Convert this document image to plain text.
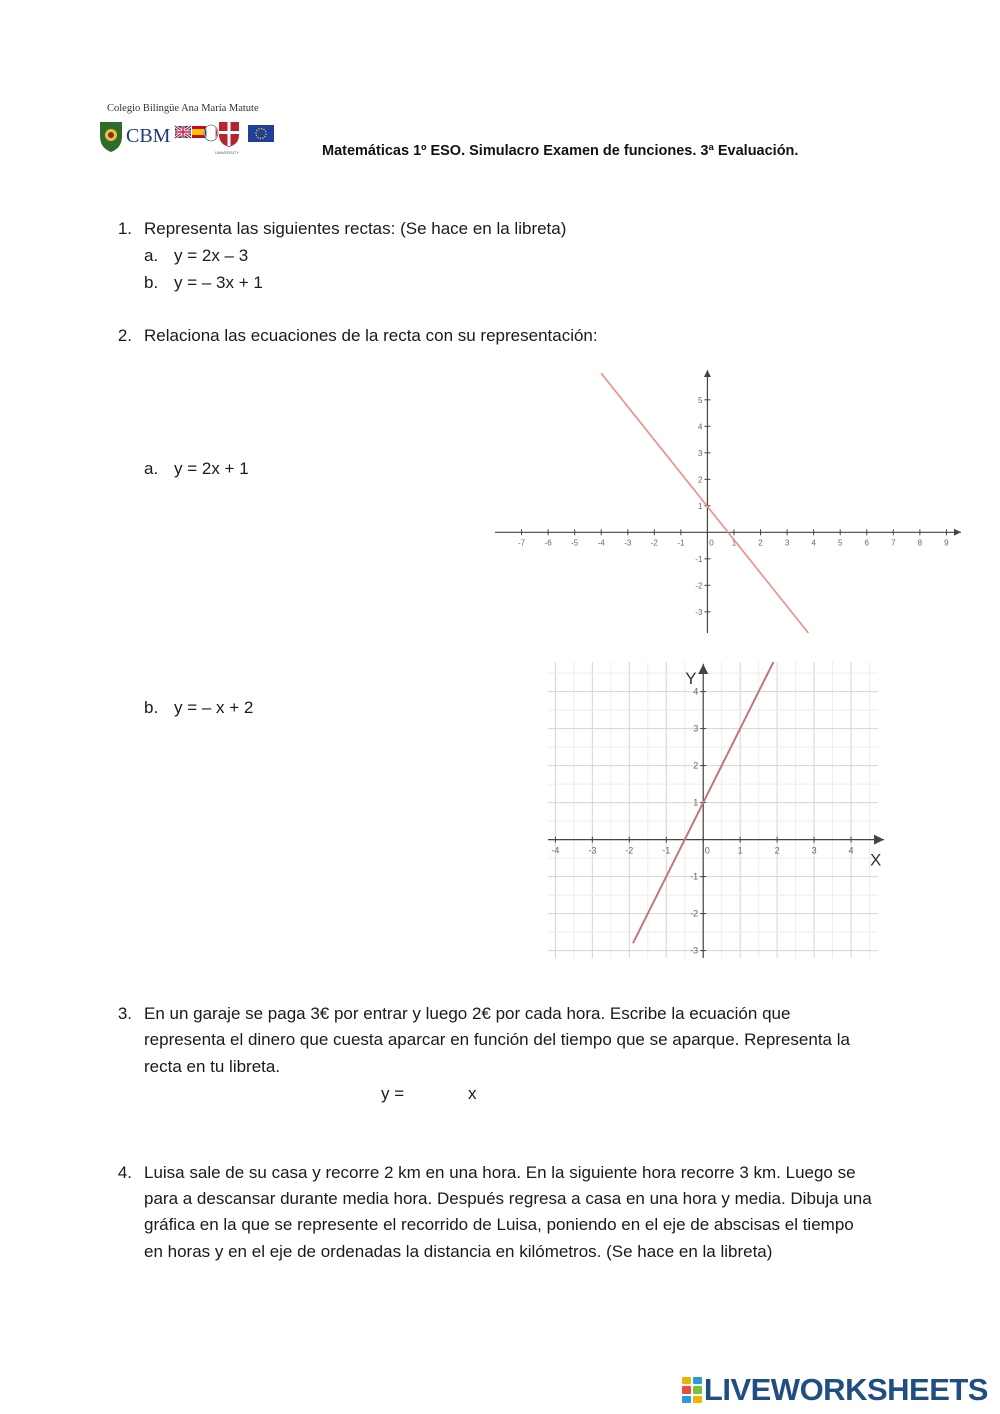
Colegio Bilingüe Ana María Matute
CBM
UNIVERSITY	Matemáticas 1º ESO. Simulacro Examen de funciones. 3ª Evaluación.
1. Representa las siguientes rectas: (Se hace en la libreta)
a. y = 2x – 3
b. y = – 3x + 1
2. Relaciona las ecuaciones de la recta con su representación:
a. y = 2x + 1
b. y = – x + 2
-7 -6 -5 -4 -3 -2 -1	0 1	2	3	4	5	6	7	8	9
-3
-2
-1
1
2
3
4
5
-4	-3	-2	-1	0	1	2	3	4
-3
-2
-1
1
2
3
4
X
Y
3. En un garaje se paga 3€ por entrar y luego 2€ por cada hora. Escribe la ecuación que
representa el dinero que cuesta aparcar en función del tiempo que se aparque. Representa la
recta en tu libreta.
y =	x
4. Luisa sale de su casa y recorre 2 km en una hora. En la siguiente hora recorre 3 km. Luego se
para a descansar durante media hora. Después regresa a casa en una hora y media. Dibuja una
gráfica en la que se represente el recorrido de Luisa, poniendo en el eje de abscisas el tiempo
en horas y en el eje de ordenadas la distancia en kilómetros. (Se hace en la libreta)
LIVEWORKSHEETS
